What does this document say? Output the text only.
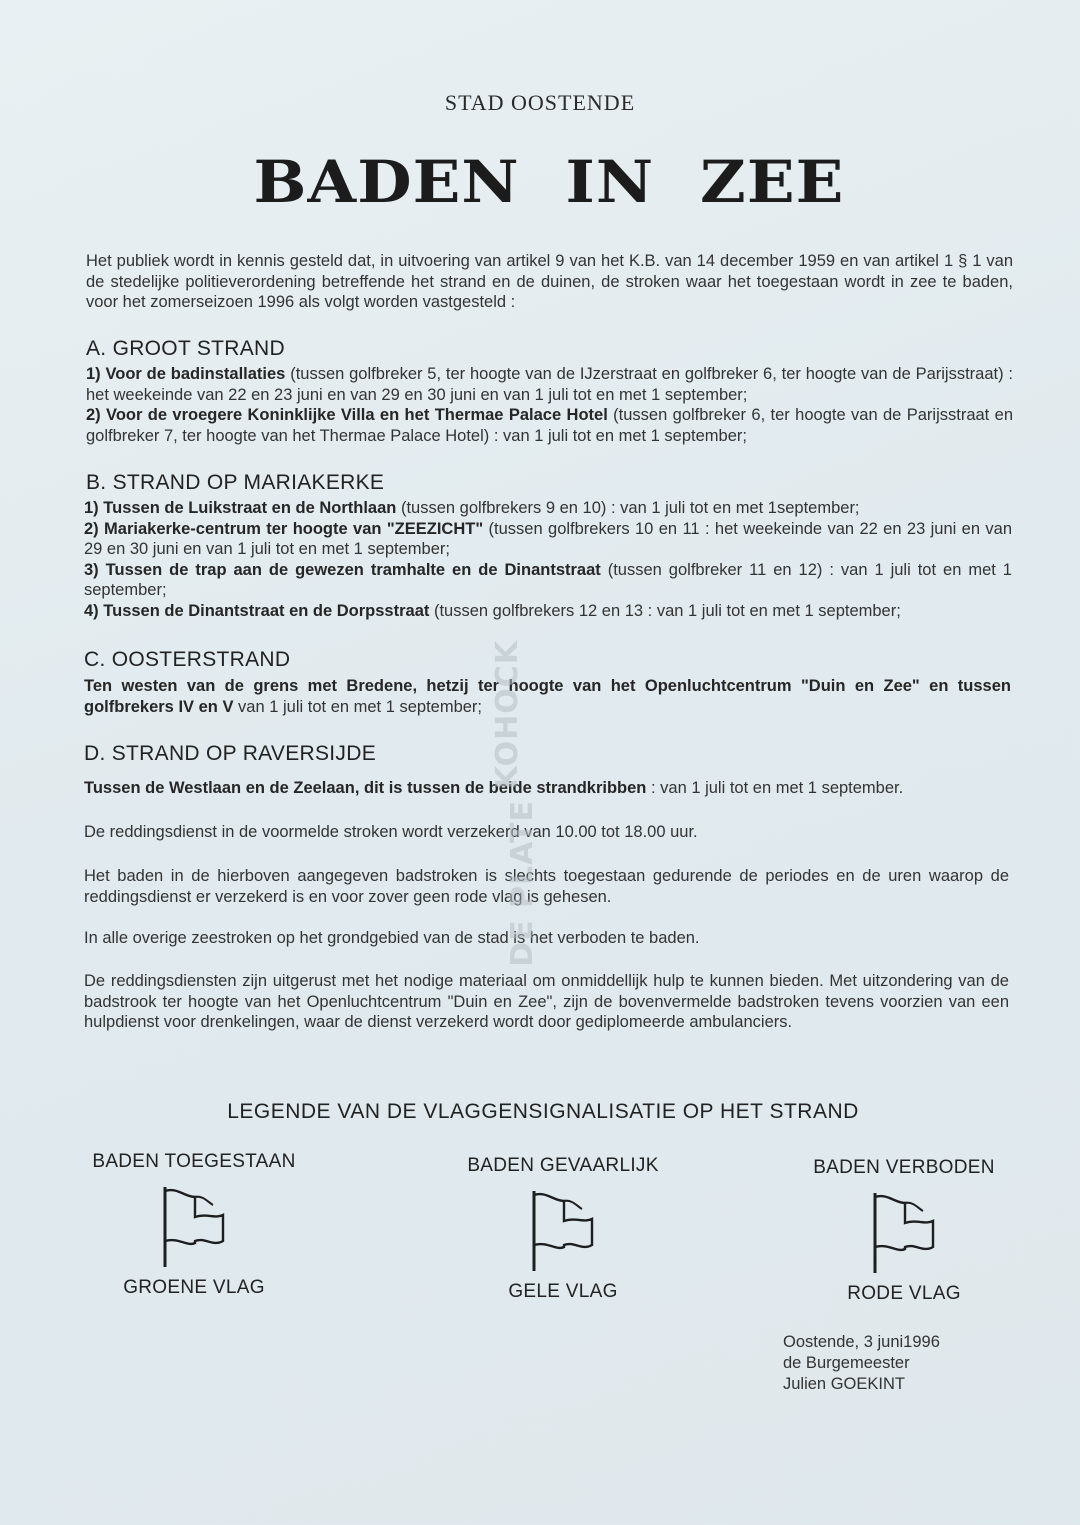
STAD OOSTENDE
BADEN  IN  ZEE
Het publiek wordt in kennis gesteld dat, in uitvoering van artikel 9 van het K.B. van 14 december 1959 en van artikel 1 § 1 van de stedelijke politieverordening betreffende het strand en de duinen, de stroken waar het toegestaan wordt in zee te baden, voor het zomerseizoen 1996 als volgt worden vastgesteld :
A. GROOT STRAND

1) Voor de badinstallaties (tussen golfbreker 5, ter hoogte van de IJzerstraat en golfbreker 6, ter hoogte van de Parijsstraat) : het weekeinde van 22 en 23 juni en van 29 en 30 juni en van 1 juli tot en met 1 september;

2) Voor de vroegere Koninklijke Villa en het Thermae Palace Hotel (tussen golfbreker 6, ter hoogte van de Parijsstraat en golfbreker 7, ter hoogte van het Thermae Palace Hotel) : van 1 juli tot en met 1 september;

B. STRAND OP MARIAKERKE

1) Tussen de Luikstraat en de Northlaan (tussen golfbrekers 9 en 10) : van 1 juli tot en met 1september;

2) Mariakerke-centrum ter hoogte van "ZEEZICHT" (tussen golfbrekers 10 en 11 : het weekeinde van 22 en 23 juni en van 29 en 30 juni en van 1 juli tot en met 1 september;

3) Tussen de trap aan de gewezen tramhalte en de Dinantstraat (tussen golfbreker 11 en 12) : van 1 juli tot en met 1 september;

4) Tussen de Dinantstraat en de Dorpsstraat (tussen golfbrekers 12 en 13 : van 1 juli tot en met 1 september;

C. OOSTERSTRAND
Ten westen van de grens met Bredene, hetzij ter hoogte van het Openluchtcentrum "Duin en Zee" en tussen golfbrekers IV en V van 1 juli tot en met 1 september;
D. STRAND OP RAVERSIJDE
Tussen de Westlaan en de Zeelaan, dit is tussen de beide strandkribben : van 1 juli tot en met 1 september.
De reddingsdienst in de voormelde stroken wordt verzekerd van 10.00 tot 18.00 uur.
Het baden in de hierboven aangegeven badstroken is slechts toegestaan gedurende de periodes en de uren waarop de reddingsdienst er verzekerd is en voor zover geen rode vlag is gehesen.
In alle overige zeestroken op het grondgebied van de stad is het verboden te baden.
De reddingsdiensten zijn uitgerust met het nodige materiaal om onmiddellijk hulp te kunnen bieden. Met uitzondering van de badstrook ter hoogte van het Openluchtcentrum "Duin en Zee", zijn de bovenvermelde badstroken tevens voorzien van een hulpdienst voor drenkelingen, waar de dienst verzekerd wordt door gediplomeerde ambulanciers.
LEGENDE VAN DE VLAGGENSIGNALISATIE OP HET STRAND
BADEN TOEGESTAAN
GROENE VLAG
BADEN GEVAARLIJK
GELE VLAG
BADEN VERBODEN
RODE VLAG
Oostende, 3 juni1996
de Burgemeester
Julien GOEKINT
KOHOCK
DE PLATE
